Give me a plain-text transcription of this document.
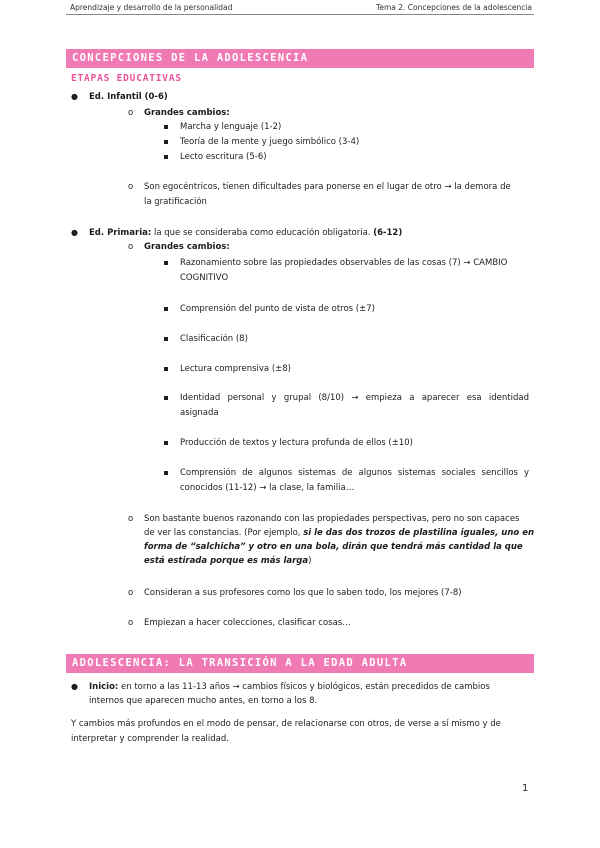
Aprendizaje y desarrollo de la personalidad	Tema 2. Concepciones de la adolescencia
CONCEPCIONES DE LA ADOLESCENCIA
ETAPAS EDUCATIVAS
● Ed. Infantil (0-6)
o Grandes cambios:
Marcha y lenguaje (1-2)
Teoría de la mente y juego simbólico (3-4)
Lecto escritura (5-6)
o Son egocéntricos, tienen dificultades para ponerse en el lugar de otro → la demora de
la gratificación
● Ed. Primaria: la que se consideraba como educación obligatoria. (6-12)
o Grandes cambios:
Razonamiento sobre las propiedades observables de las cosas (7) → CAMBIO
COGNITIVO
Comprensión del punto de vista de otros (±7)
Clasificación (8)
Lectura comprensiva (±8)
Identidad personal y grupal (8/10) → empieza a aparecer esa identidad
asignada
Producción de textos y lectura profunda de ellos (±10)
Comprensión de algunos sistemas de algunos sistemas sociales sencillos y
conocidos (11-12) → la clase, la familia…
o Son bastante buenos razonando con las propiedades perspectivas, pero no son capaces
de ver las constancias. (Por ejemplo, si le das dos trozos de plastilina iguales, uno en
forma de “salchicha” y otro en una bola, dirán que tendrá más cantidad la que
está estirada porque es más larga)
o Consideran a sus profesores como los que lo saben todo, los mejores (7-8)
o Empiezan a hacer colecciones, clasificar cosas…
ADOLESCENCIA: LA TRANSICIÓN A LA EDAD ADULTA
● Inicio: en torno a las 11-13 años → cambios físicos y biológicos, están precedidos de cambios
internos que aparecen mucho antes, en torno a los 8.
Y cambios más profundos en el modo de pensar, de relacionarse con otros, de verse a sí mismo y de
interpretar y comprender la realidad.
1
